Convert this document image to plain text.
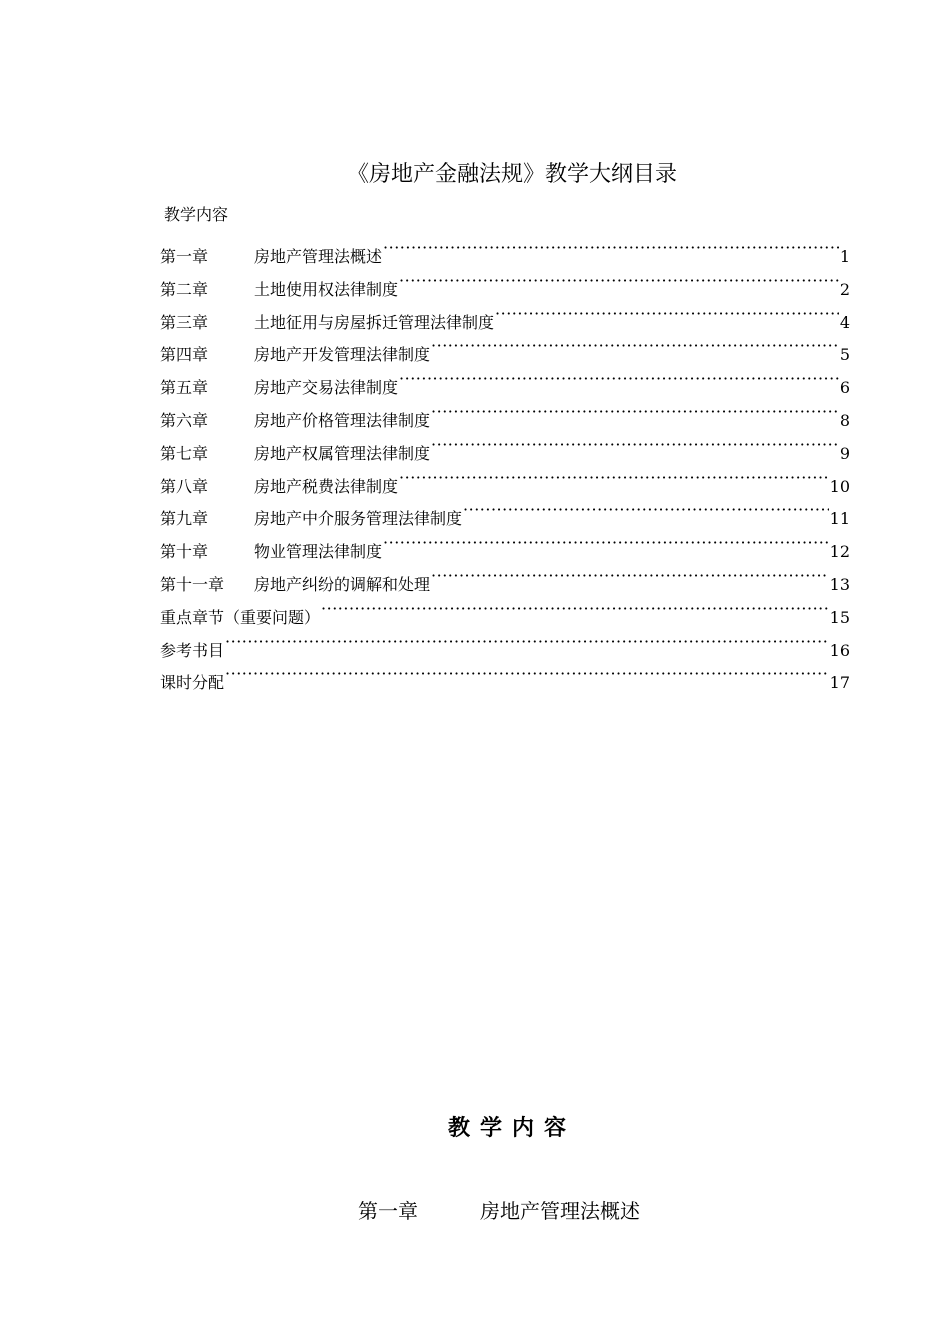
《房地产金融法规》教学大纲目录
教学内容
第一章	房地产管理法概述 ·····	1
第二章	土地使用权法律制度 ·····	2
第三章	土地征用与房屋拆迁管理法律制度 ·····	4
第四章	房地产开发管理法律制度 ·····	5
第五章	房地产交易法律制度 ·····	6
第六章	房地产价格管理法律制度 ·····	8
第七章	房地产权属管理法律制度 ·····	9
第八章	房地产税费法律制度 ·····	10
第九章	房地产中介服务管理法律制度 ·····	11
第十章	物业管理法律制度 ·····	12
第十一章	房地产纠纷的调解和处理 ·····	13
重点章节（重要问题） ·····	15
参考书目 ·····	16
课时分配 ·····	17
教学内容
第一章	房地产管理法概述
